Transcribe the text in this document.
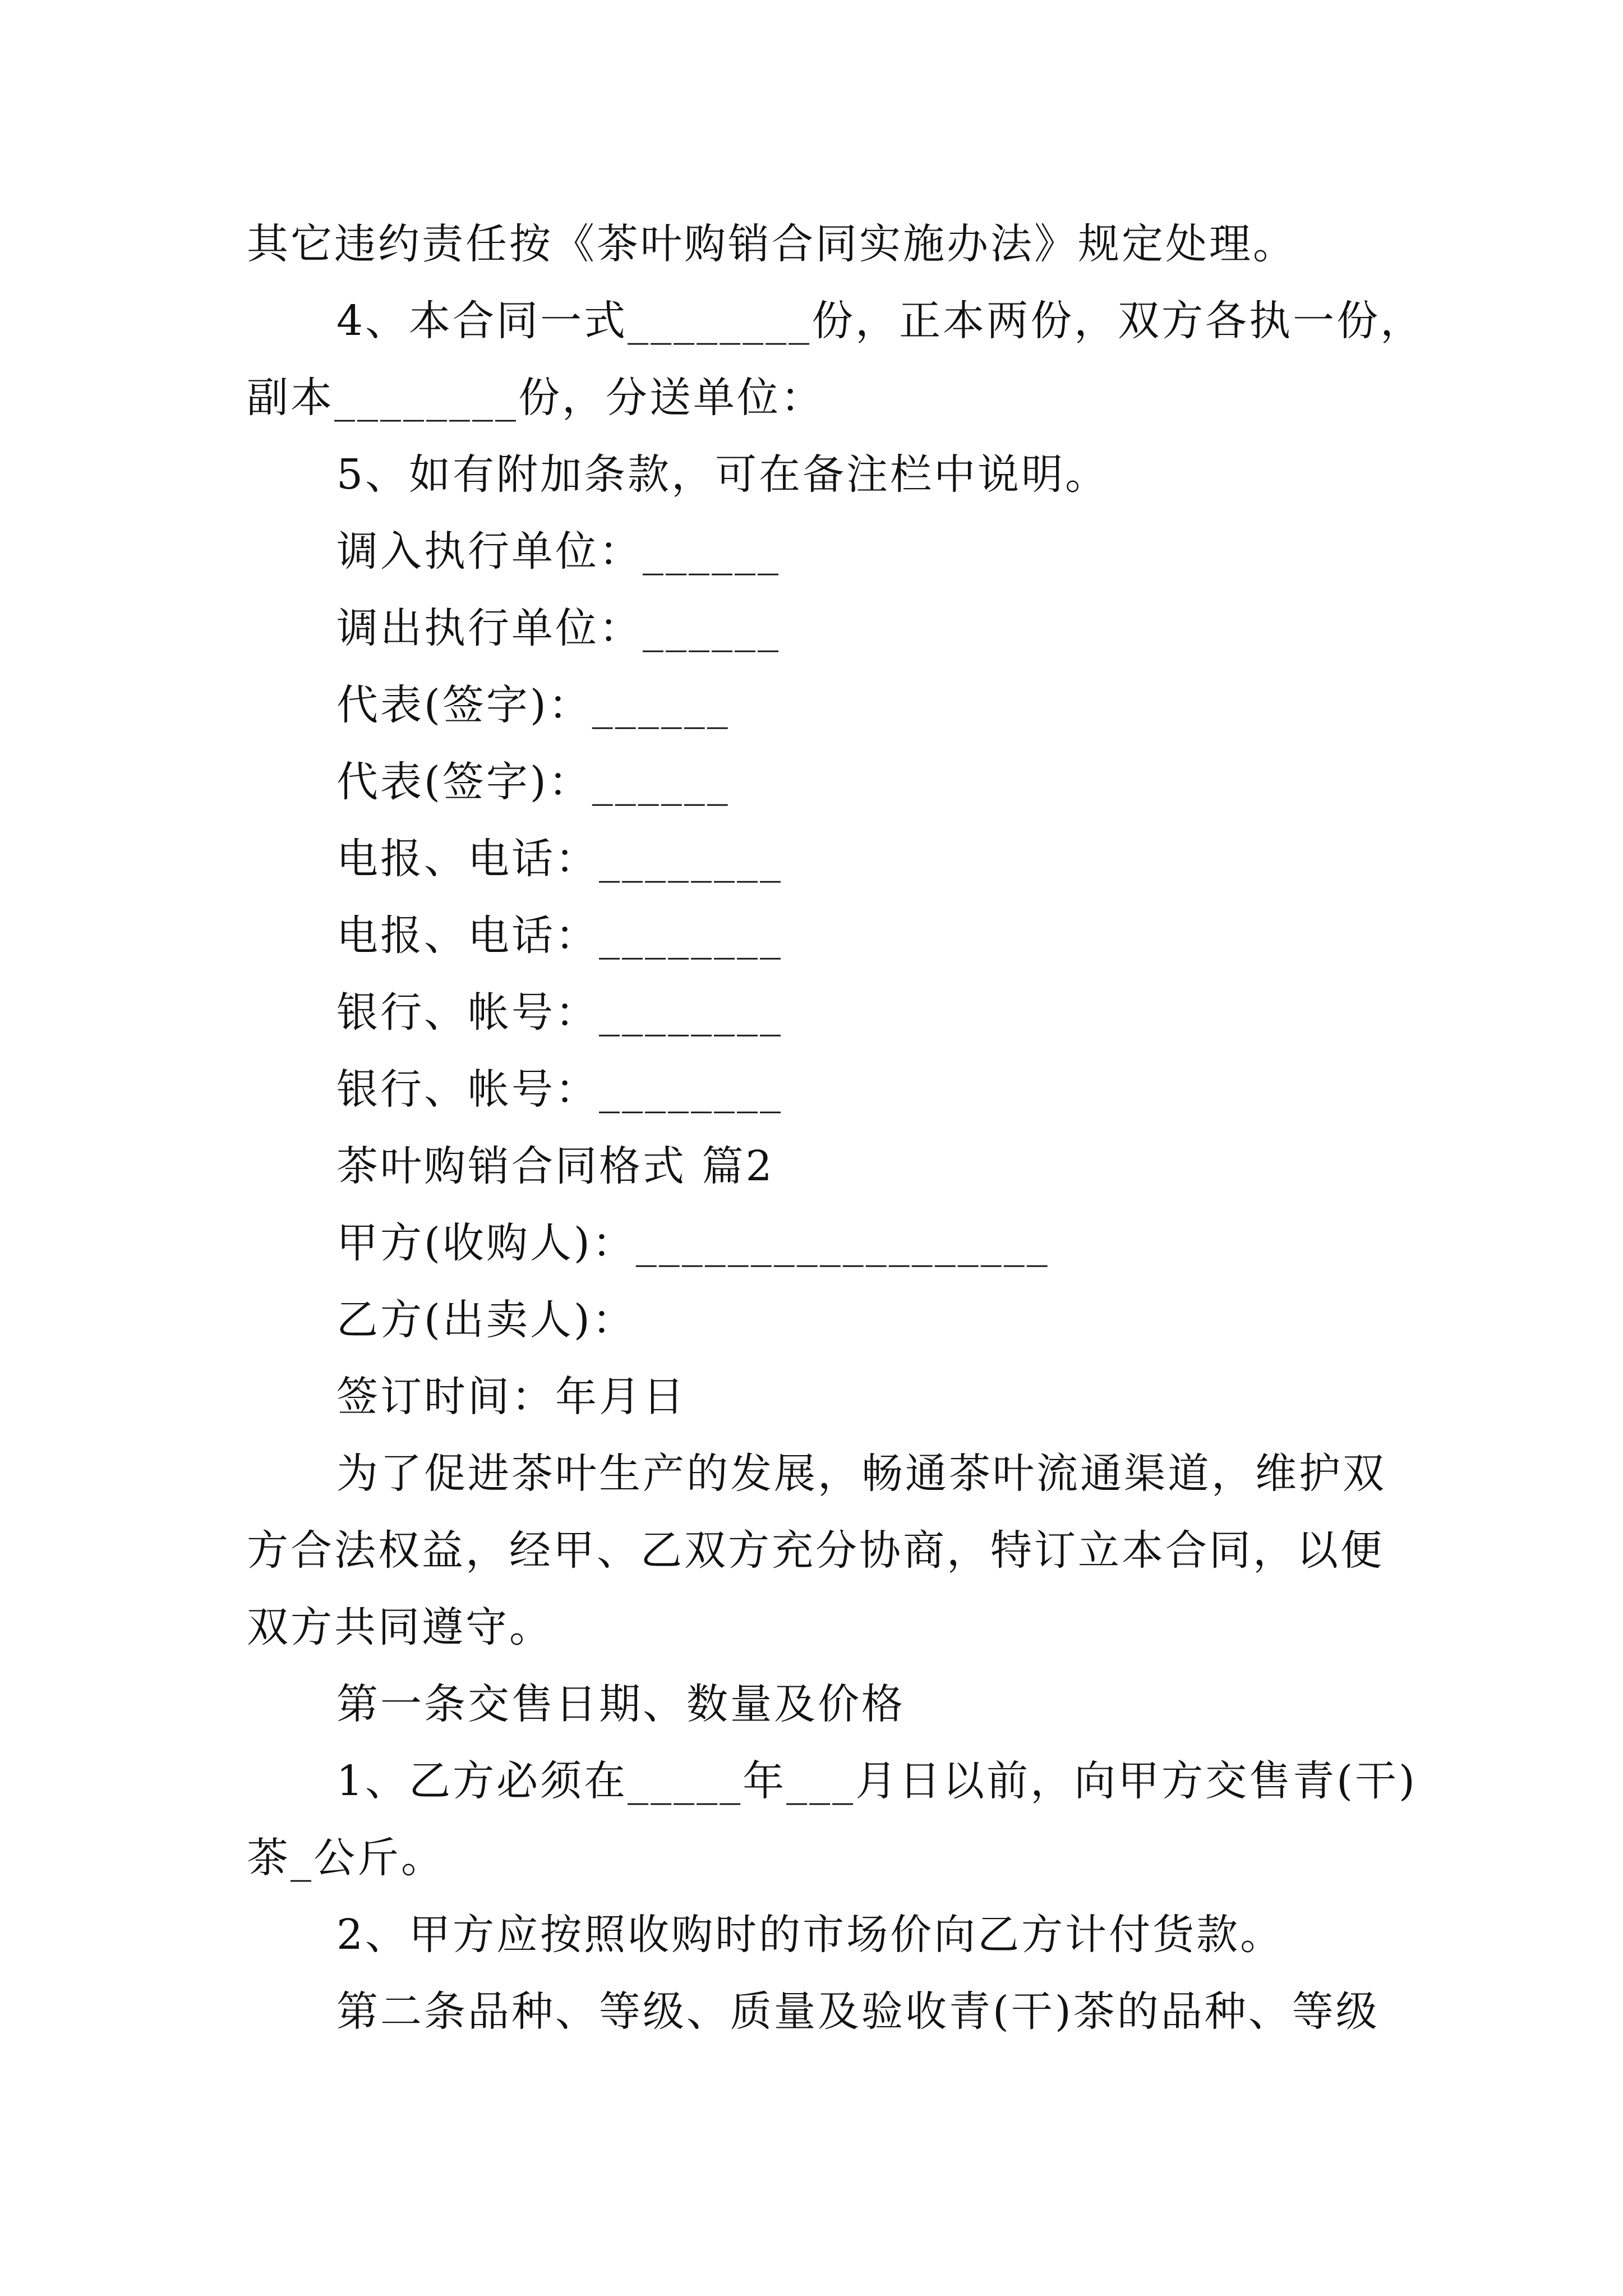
其它违约责任按《茶叶购销合同实施办法》规定处理。
4、本合同一式________份，正本两份，双方各执一份，
副本________份，分送单位：
5、如有附加条款，可在备注栏中说明。
调入执行单位：______
调出执行单位：______
代表(签字)：______
代表(签字)：______
电报、电话：________
电报、电话：________
银行、帐号：________
银行、帐号：________
茶叶购销合同格式 篇2
甲方(收购人)：__________________
乙方(出卖人)：
签订时间：年月日
为了促进茶叶生产的发展，畅通茶叶流通渠道，维护双
方合法权益，经甲、乙双方充分协商，特订立本合同，以便
双方共同遵守。
第一条交售日期、数量及价格
1、乙方必须在_____年___月日以前，向甲方交售青(干)
茶_公斤。
2、甲方应按照收购时的市场价向乙方计付货款。
第二条品种、等级、质量及验收青(干)茶的品种、等级
